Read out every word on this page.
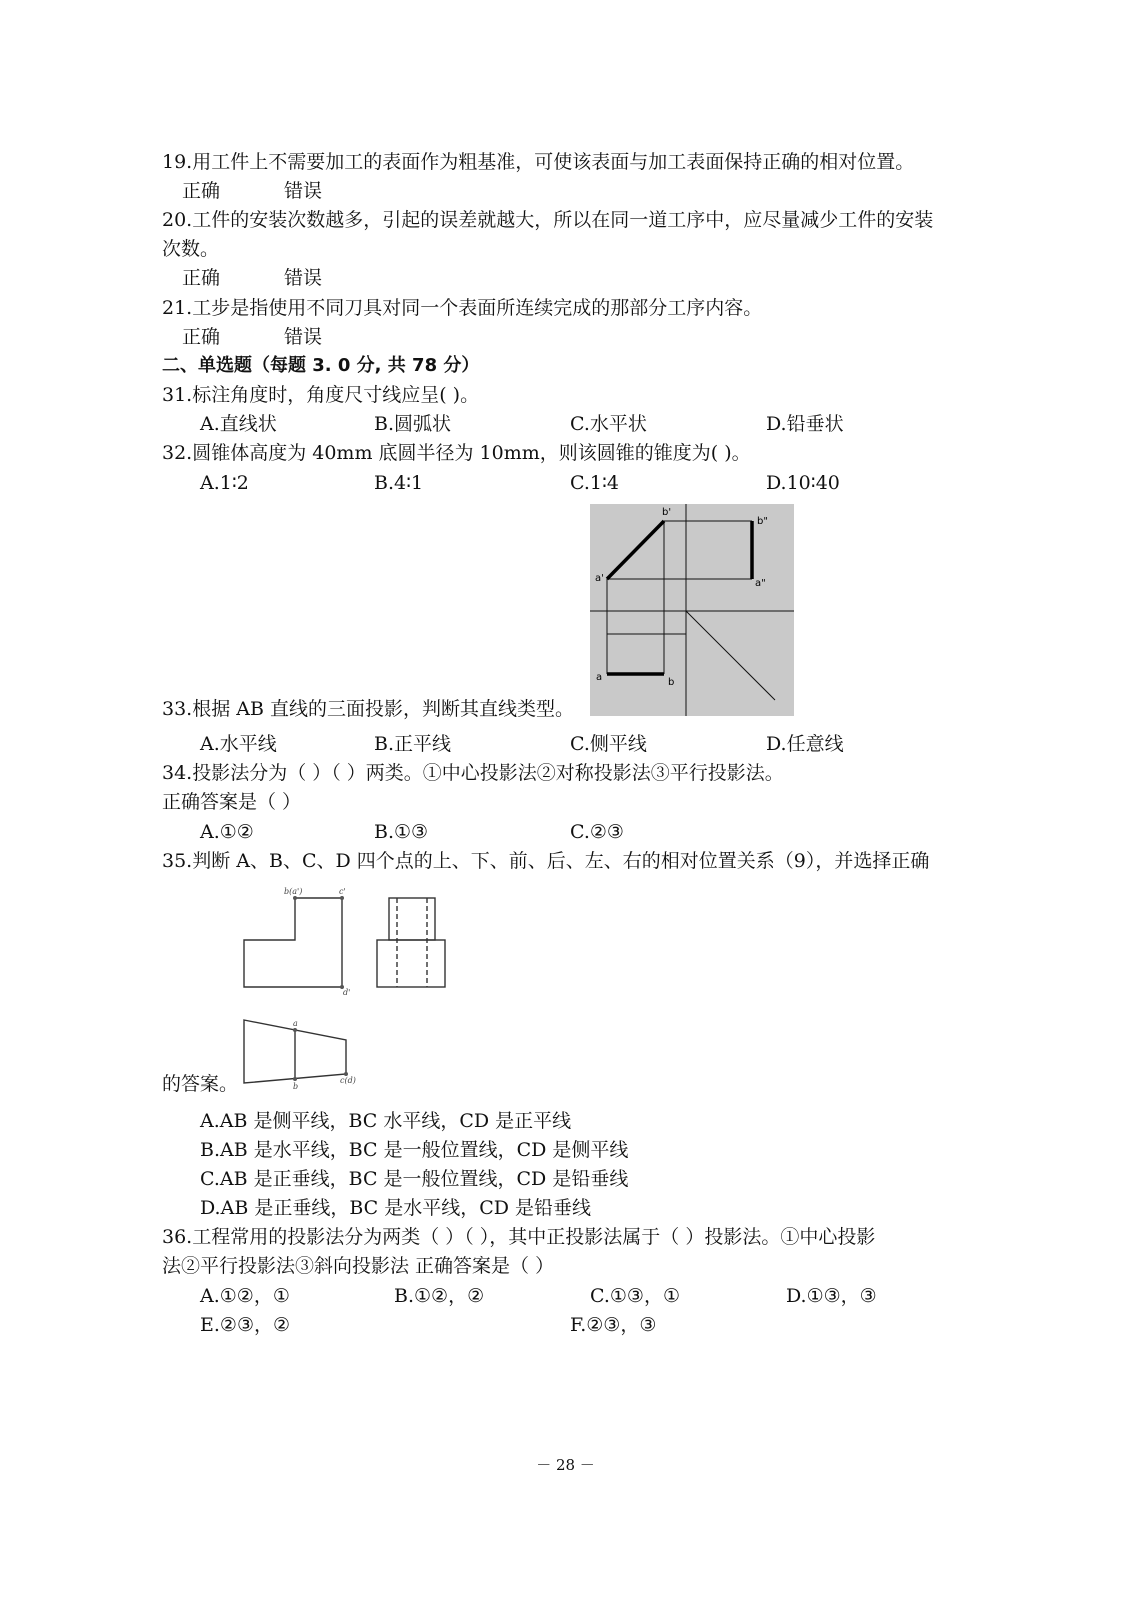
19.用工件上不需要加工的表面作为粗基准，可使该表面与加工表面保持正确的相对位置。
正确	错误
20.工件的安装次数越多，引起的误差就越大，所以在同一道工序中，应尽量减少工件的安装
次数。
正确	错误
21.工步是指使用不同刀具对同一个表面所连续完成的那部分工序内容。
正确	错误
二、单选题（每题 3. 0 分, 共 78 分）
31.标注角度时，角度尺寸线应呈( )。
A.直线状	B.圆弧状	C.水平状	D.铅垂状
32.圆锥体高度为 40mm 底圆半径为 10mm，则该圆锥的锥度为( )。
A.1∶2	B.4∶1	C.1∶4	D.10∶40
b'
b"
a'	a"
a	b
33.根据 AB 直线的三面投影，判断其直线类型。
A.水平线	B.正平线	C.侧平线	D.任意线
34.投影法分为（ ）（ ）两类。①中心投影法②对称投影法③平行投影法。
正确答案是（ ）
A.①②	B.①③	C.②③
35.判断 A、B、C、D 四个点的上、下、前、后、左、右的相对位置关系（9），并选择正确
b(a')	c'
d'
a
b
c(d)
的答案。
A.AB 是侧平线，BC 水平线，CD 是正平线
B.AB 是水平线，BC 是一般位置线，CD 是侧平线
C.AB 是正垂线，BC 是一般位置线，CD 是铅垂线
D.AB 是正垂线，BC 是水平线，CD 是铅垂线
36.工程常用的投影法分为两类（ ）（ ），其中正投影法属于（ ）投影法。①中心投影
法②平行投影法③斜向投影法 正确答案是（ ）
A.①②，①	B.①②，②	C.①③，①	D.①③，③
E.②③，②	F.②③，③
－ 28 －
